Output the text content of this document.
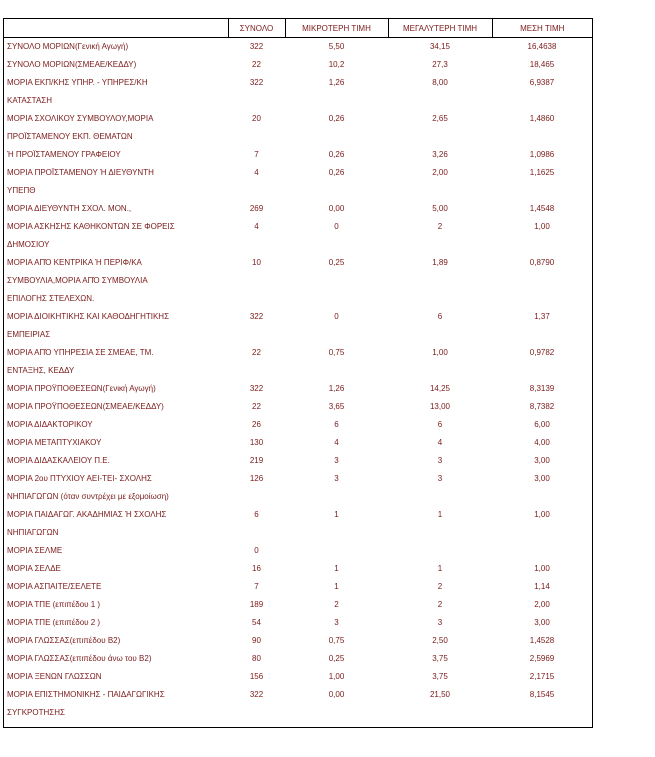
	ΣΥΝΟΛΟ	ΜΙΚΡΟΤΕΡΗ ΤΙΜΗ	ΜΕΓΑΛΥΤΕΡΗ ΤΙΜΗ	ΜΕΣΗ ΤΙΜΗ

ΣΥΝΟΛΟ ΜΟΡΙΩΝ(Γενική Αγωγή)	322	5,50	34,15	16,4638

ΣΥΝΟΛΟ ΜΟΡΙΩΝ(ΣΜΕΑΕ/ΚΕΔΔΥ)	22	10,2	27,3	18,465

ΜΟΡΙΑ ΕΚΠ/ΚΗΣ ΥΠΗΡ. - ΥΠΗΡΕΣ/ΚΗ
ΚΑΤΑΣΤΑΣΗ	322	1,26	8,00	6,9387

ΜΟΡΙΑ ΣΧΟΛΙΚΟΥ ΣΥΜΒΟΥΛΟΥ,ΜΟΡΙΑ
ΠΡΟΪΣΤΑΜΕΝΟΥ ΕΚΠ. ΘΕΜΑΤΩΝ	20	0,26	2,65	1,4860

Ή ΠΡΟΪΣΤΑΜΕΝΟΥ ΓΡΑΦΕΙΟΥ	7	0,26	3,26	1,0986

ΜΟΡΙΑ ΠΡΟΪΣΤΑΜΕΝΟΥ Ή ΔΙΕΥΘΥΝΤΗ
ΥΠΕΠΘ	4	0,26	2,00	1,1625

ΜΟΡΙΑ ΔΙΕΥΘΥΝΤΗ ΣΧΟΛ. ΜΟΝ.,	269	0,00	5,00	1,4548

ΜΟΡΙΑ ΑΣΚΗΣΗΣ ΚΑΘΗΚΟΝΤΩΝ ΣΕ ΦΟΡΕΙΣ
ΔΗΜΟΣΙΟΥ	4	0	2	1,00

ΜΟΡΙΑ ΑΠΌ ΚΕΝΤΡΙΚΑ Ή ΠΕΡΙΦ/ΚΑ
ΣΥΜΒΟΥΛΙΑ,ΜΟΡΙΑ ΑΠΌ ΣΥΜΒΟΥΛΙΑ
ΕΠΙΛΟΓΗΣ ΣΤΕΛΕΧΩΝ.	10	0,25	1,89	0,8790

ΜΟΡΙΑ ΔΙΟΙΚΗΤΙΚΗΣ ΚΑΙ ΚΑΘΟΔΗΓΗΤΙΚΗΣ
ΕΜΠΕΙΡΙΑΣ	322	0	6	1,37

ΜΟΡΙΑ ΑΠΌ ΥΠΗΡΕΣΙΑ ΣΕ ΣΜΕΑΕ, ΤΜ.
ΕΝΤΑΞΗΣ, ΚΕΔΔΥ	22	0,75	1,00	0,9782

ΜΟΡΙΑ ΠΡΟΫΠΟΘΕΣΕΩΝ(Γενική Αγωγή)	322	1,26	14,25	8,3139

ΜΟΡΙΑ ΠΡΟΫΠΟΘΕΣΕΩΝ(ΣΜΕΑΕ/ΚΕΔΔΥ)	22	3,65	13,00	8,7382

ΜΟΡΙΑ ΔΙΔΑΚΤΟΡΙΚΟΥ	26	6	6	6,00

ΜΟΡΙΑ ΜΕΤΑΠΤΥΧΙΑΚΟΥ	130	4	4	4,00

ΜΟΡΙΑ ΔΙΔΑΣΚΑΛΕΙΟΥ Π.Ε.	219	3	3	3,00

ΜΟΡΙΑ 2ου ΠΤΥΧΙΟΥ ΑΕΙ-ΤΕΙ- ΣΧΟΛΗΣ
ΝΗΠΙΑΓΩΓΩΝ (όταν συντρέχει με εξομοίωση)	126	3	3	3,00

ΜΟΡΙΑ ΠΑΙΔΑΓΩΓ. ΑΚΑΔΗΜΙΑΣ Ή ΣΧΟΛΗΣ
ΝΗΠΙΑΓΩΓΩΝ	6	1	1	1,00

ΜΟΡΙΑ ΣΕΛΜΕ	0			

ΜΟΡΙΑ ΣΕΛΔΕ	16	1	1	1,00

ΜΟΡΙΑ ΑΣΠΑΙΤΕ/ΣΕΛΕΤΕ	7	1	2	1,14

ΜΟΡΙΑ ΤΠΕ (επιπέδου 1 )	189	2	2	2,00

ΜΟΡΙΑ ΤΠΕ (επιπέδου 2 )	54	3	3	3,00

ΜΟΡΙΑ ΓΛΩΣΣΑΣ(επιπέδου Β2)	90	0,75	2,50	1,4528

ΜΟΡΙΑ ΓΛΩΣΣΑΣ(επιπέδου άνω του Β2)	80	0,25	3,75	2,5969

ΜΟΡΙΑ ΞΕΝΩΝ ΓΛΩΣΣΩΝ	156	1,00	3,75	2,1715

ΜΟΡΙΑ ΕΠΙΣΤΗΜΟΝΙΚΗΣ - ΠΑΙΔΑΓΩΓΙΚΗΣ
ΣΥΓΚΡΟΤΗΣΗΣ	322	0,00	21,50	8,1545
